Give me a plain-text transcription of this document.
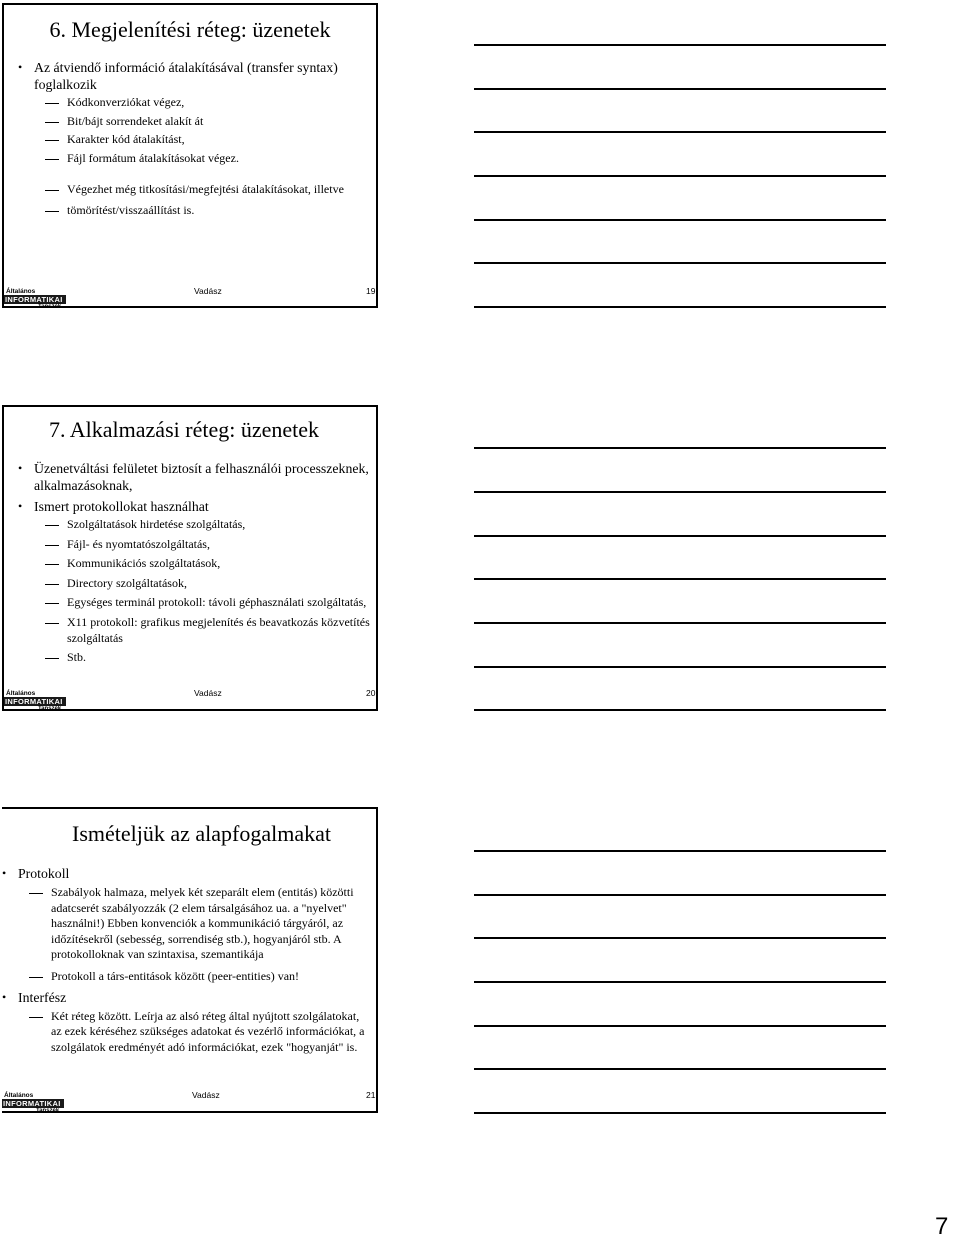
6. Megjelenítési réteg: üzenetek
• Az átviendő információ átalakításával (transfer syntax) foglalkozik
Kódkonverziókat végez,
Bit/bájt sorrendeket alakít át
Karakter kód átalakítást,
Fájl formátum átalakításokat végez.
Végezhet még titkosítási/megfejtési átalakításokat, illetve
tömörítést/visszaállítást is.
Általános
INFORMATIKAI
Tanszék
Vadász	19
7. Alkalmazási réteg: üzenetek
• Üzenetváltási felületet biztosít a felhasználói processzeknek, alkalmazásoknak,
• Ismert protokollokat használhat
Szolgáltatások hirdetése szolgáltatás,
Fájl- és nyomtatószolgáltatás,
Kommunikációs szolgáltatások,
Directory szolgáltatások,
Egységes terminál protokoll: távoli géphasználati szolgáltatás,
X11 protokoll: grafikus megjelenítés és beavatkozás közvetítés szolgáltatás
Stb.
Általános
INFORMATIKAI
Tanszék
Vadász	20
Ismételjük az alapfogalmakat
• Protokoll
Szabályok halmaza, melyek két szeparált elem (entitás) közötti adatcserét szabályozzák (2 elem társalgásához ua. a "nyelvet" használni!) Ebben konvenciók a kommunikáció tárgyáról, az időzítésekről (sebesség, sorrendiség stb.), hogyanjáról stb. A protokolloknak van szintaxisa, szemantikája
Protokoll a társ-entitások között (peer-entities) van!
• Interfész
Két réteg között. Leírja az alsó réteg által nyújtott szolgálatokat, az ezek kéréséhez szükséges adatokat és vezérlő információkat, a szolgálatok eredményét adó információkat, ezek "hogyanját" is.
Általános
INFORMATIKAI
Tanszék
Vadász	21
7
